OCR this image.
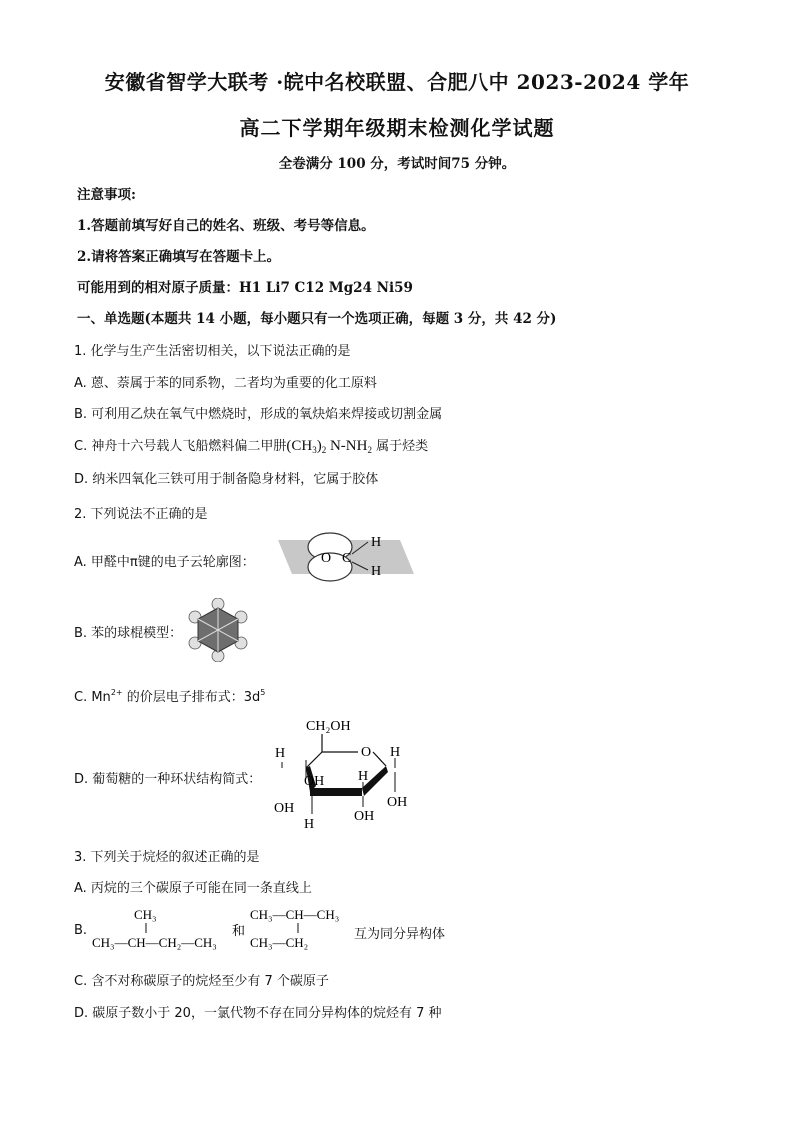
安徽省智学大联考 ·皖中名校联盟、合肥八中 2023-2024 学年
高二下学期年级期末检测化学试题
全卷满分 100 分，考试时间75 分钟。
注意事项:
1.答题前填写好自己的姓名、班级、考号等信息。
2.请将答案正确填写在答题卡上。
可能用到的相对原子质量：H1 Li7 C12 Mg24 Ni59
一、单选题(本题共 14 小题，每小题只有一个选项正确，每题 3 分，共 42 分)
1. 化学与生产生活密切相关，以下说法正确的是
A. 蒽、萘属于苯的同系物，二者均为重要的化工原料
B. 可利用乙炔在氧气中燃烧时，形成的氧炔焰来焊接或切割金属
C. 神舟十六号载人飞船燃料偏二甲肼$(CH_3)_2$ $N-NH_2$ 属于烃类
D. 纳米四氧化三铁可用于制备隐身材料，它属于胶体
2. 下列说法不正确的是
A. 甲醛中π键的电子云轮廓图：	O C
H
H
B. 苯的球棍模型：
C. $Mn^{2+}$ 的价层电子排布式：$3d^5$
D. 葡萄糖的一种环状结构简式：
CH₂OH
O
H
OH H
H
OH
OH
H
OH
3. 下列关于烷烃的叙述正确的是
A. 丙烷的三个碳原子可能在同一条直线上
B.
CH₃
CH₃—CH—CH₂—CH₃
和
CH₃—CH—CH₃
CH₃—CH₂
互为同分异构体
C. 含不对称碳原子的烷烃至少有 7 个碳原子
D. 碳原子数小于 20，一氯代物不存在同分异构体的烷烃有 7 种
